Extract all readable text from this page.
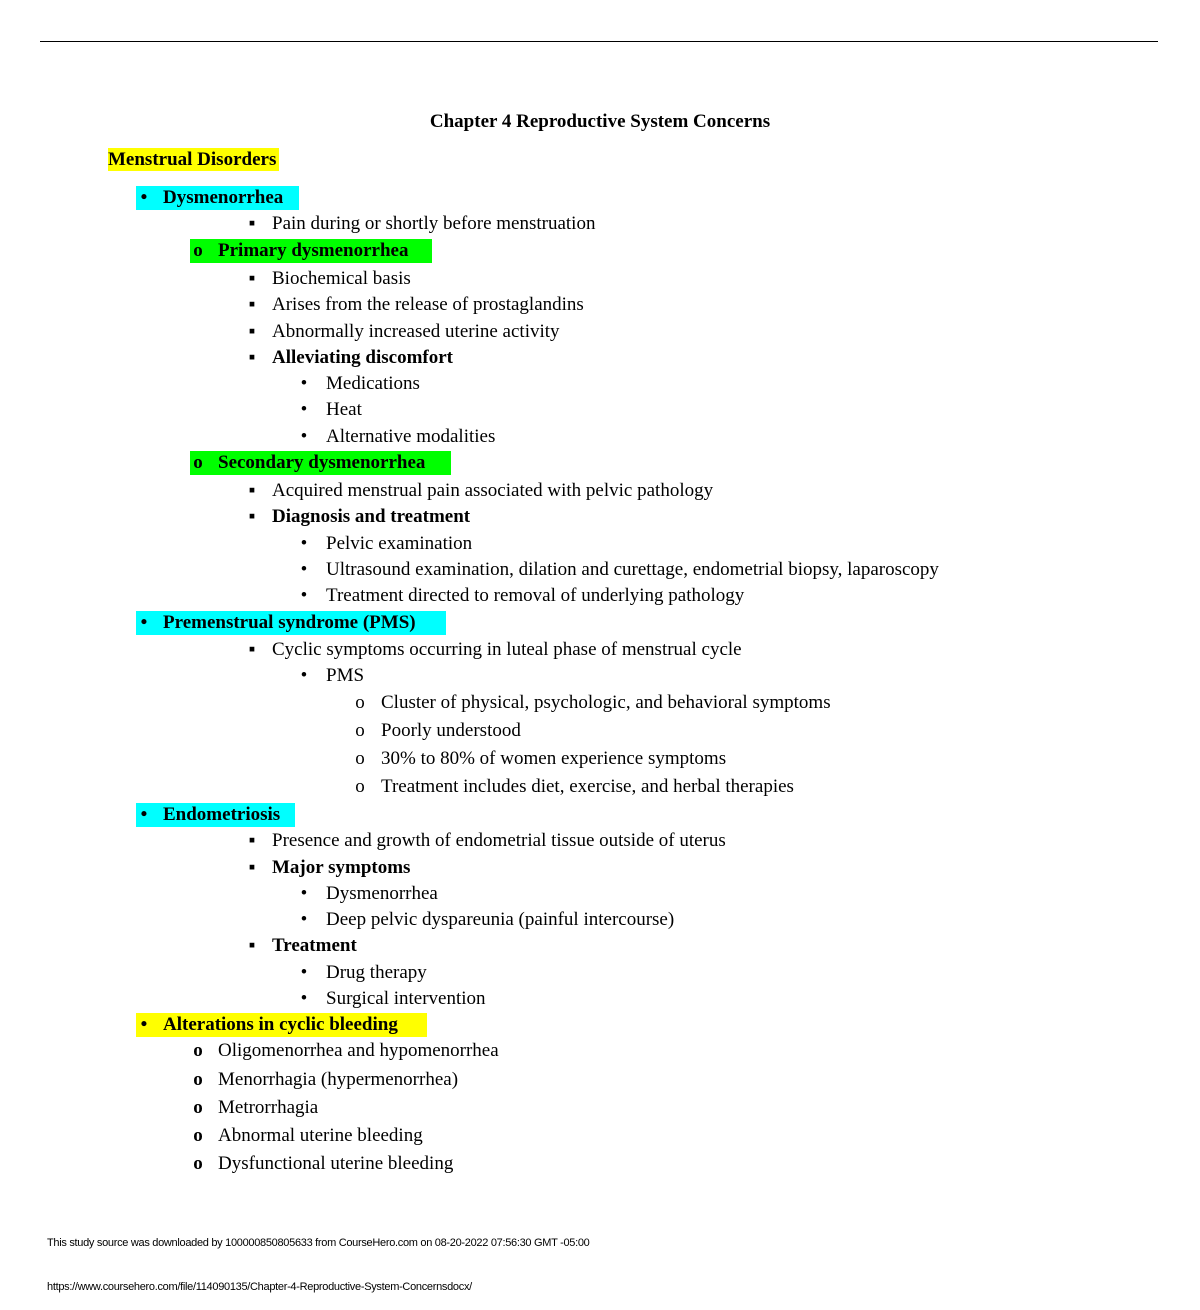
Chapter 4 Reproductive System Concerns
Menstrual Disorders
• Dysmenorrhea
▪ Pain during or shortly before menstruation
o Primary dysmenorrhea
▪ Biochemical basis
▪ Arises from the release of prostaglandins
▪ Abnormally increased uterine activity
▪ Alleviating discomfort
• Medications
• Heat
• Alternative modalities
o Secondary dysmenorrhea
▪ Acquired menstrual pain associated with pelvic pathology
▪ Diagnosis and treatment
• Pelvic examination
• Ultrasound examination, dilation and curettage, endometrial biopsy, laparoscopy
• Treatment directed to removal of underlying pathology
• Premenstrual syndrome (PMS)
▪ Cyclic symptoms occurring in luteal phase of menstrual cycle
• PMS
o Cluster of physical, psychologic, and behavioral symptoms
o Poorly understood
o 30% to 80% of women experience symptoms
o Treatment includes diet, exercise, and herbal therapies
• Endometriosis
▪ Presence and growth of endometrial tissue outside of uterus
▪ Major symptoms
• Dysmenorrhea
• Deep pelvic dyspareunia (painful intercourse)
▪ Treatment
• Drug therapy
• Surgical intervention
• Alterations in cyclic bleeding
o Oligomenorrhea and hypomenorrhea
o Menorrhagia (hypermenorrhea)
o Metrorrhagia
o Abnormal uterine bleeding
o Dysfunctional uterine bleeding
This study source was downloaded by 100000850805633 from CourseHero.com on 08-20-2022 07:56:30 GMT -05:00
https://www.coursehero.com/file/114090135/Chapter-4-Reproductive-System-Concernsdocx/
